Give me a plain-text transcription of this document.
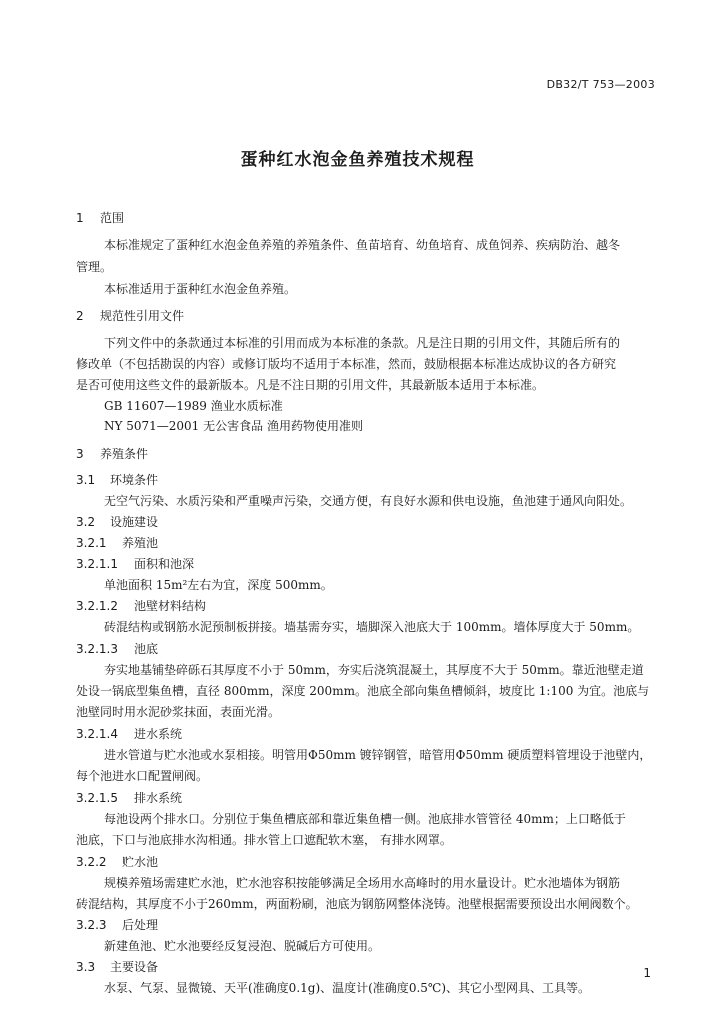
DB32/T 753—2003
蛋种红水泡金鱼养殖技术规程
1 范围
本标准规定了蛋种红水泡金鱼养殖的养殖条件、鱼苗培育、幼鱼培育、成鱼饲养、疾病防治、越冬
管理。
本标准适用于蛋种红水泡金鱼养殖。
2 规范性引用文件
下列文件中的条款通过本标准的引用而成为本标准的条款。凡是注日期的引用文件，其随后所有的
修改单（不包括勘误的内容）或修订版均不适用于本标准，然而，鼓励根据本标准达成协议的各方研究
是否可使用这些文件的最新版本。凡是不注日期的引用文件，其最新版本适用于本标准。
GB 11607—1989 渔业水质标准
NY 5071—2001 无公害食品 渔用药物使用准则
3 养殖条件
3.1 环境条件
无空气污染、水质污染和严重噪声污染，交通方便，有良好水源和供电设施，鱼池建于通风向阳处。
3.2 设施建设
3.2.1 养殖池
3.2.1.1 面积和池深
单池面积 15m²左右为宜，深度 500mm。
3.2.1.2 池壁材料结构
砖混结构或钢筋水泥预制板拼接。墙基需夯实，墙脚深入池底大于 100mm。墙体厚度大于 50mm。
3.2.1.3 池底
夯实地基铺垫碎砾石其厚度不小于 50mm，夯实后浇筑混凝土，其厚度不大于 50mm。靠近池壁走道
处设一锅底型集鱼槽，直径 800mm，深度 200mm。池底全部向集鱼槽倾斜，坡度比 1:100 为宜。池底与
池壁同时用水泥砂浆抹面，表面光滑。
3.2.1.4 进水系统
进水管道与贮水池或水泵相接。明管用Φ50mm 镀锌钢管，暗管用Φ50mm 硬质塑料管埋设于池壁内，
每个池进水口配置闸阀。
3.2.1.5 排水系统
每池设两个排水口。分别位于集鱼槽底部和靠近集鱼槽一侧。池底排水管管径 40mm；上口略低于
池底，下口与池底排水沟相通。排水管上口遮配软木塞， 有排水网罩。
3.2.2 贮水池
规模养殖场需建贮水池，贮水池容积按能够满足全场用水高峰时的用水量设计。贮水池墙体为钢筋
砖混结构，其厚度不小于260mm，两面粉刷，池底为钢筋网整体浇铸。池壁根据需要预设出水闸阀数个。
3.2.3 后处理
新建鱼池、贮水池要经反复浸泡、脱碱后方可使用。
3.3 主要设备
水泵、气泵、显微镜、天平(准确度0.1g)、温度计(准确度0.5℃)、其它小型网具、工具等。
1
